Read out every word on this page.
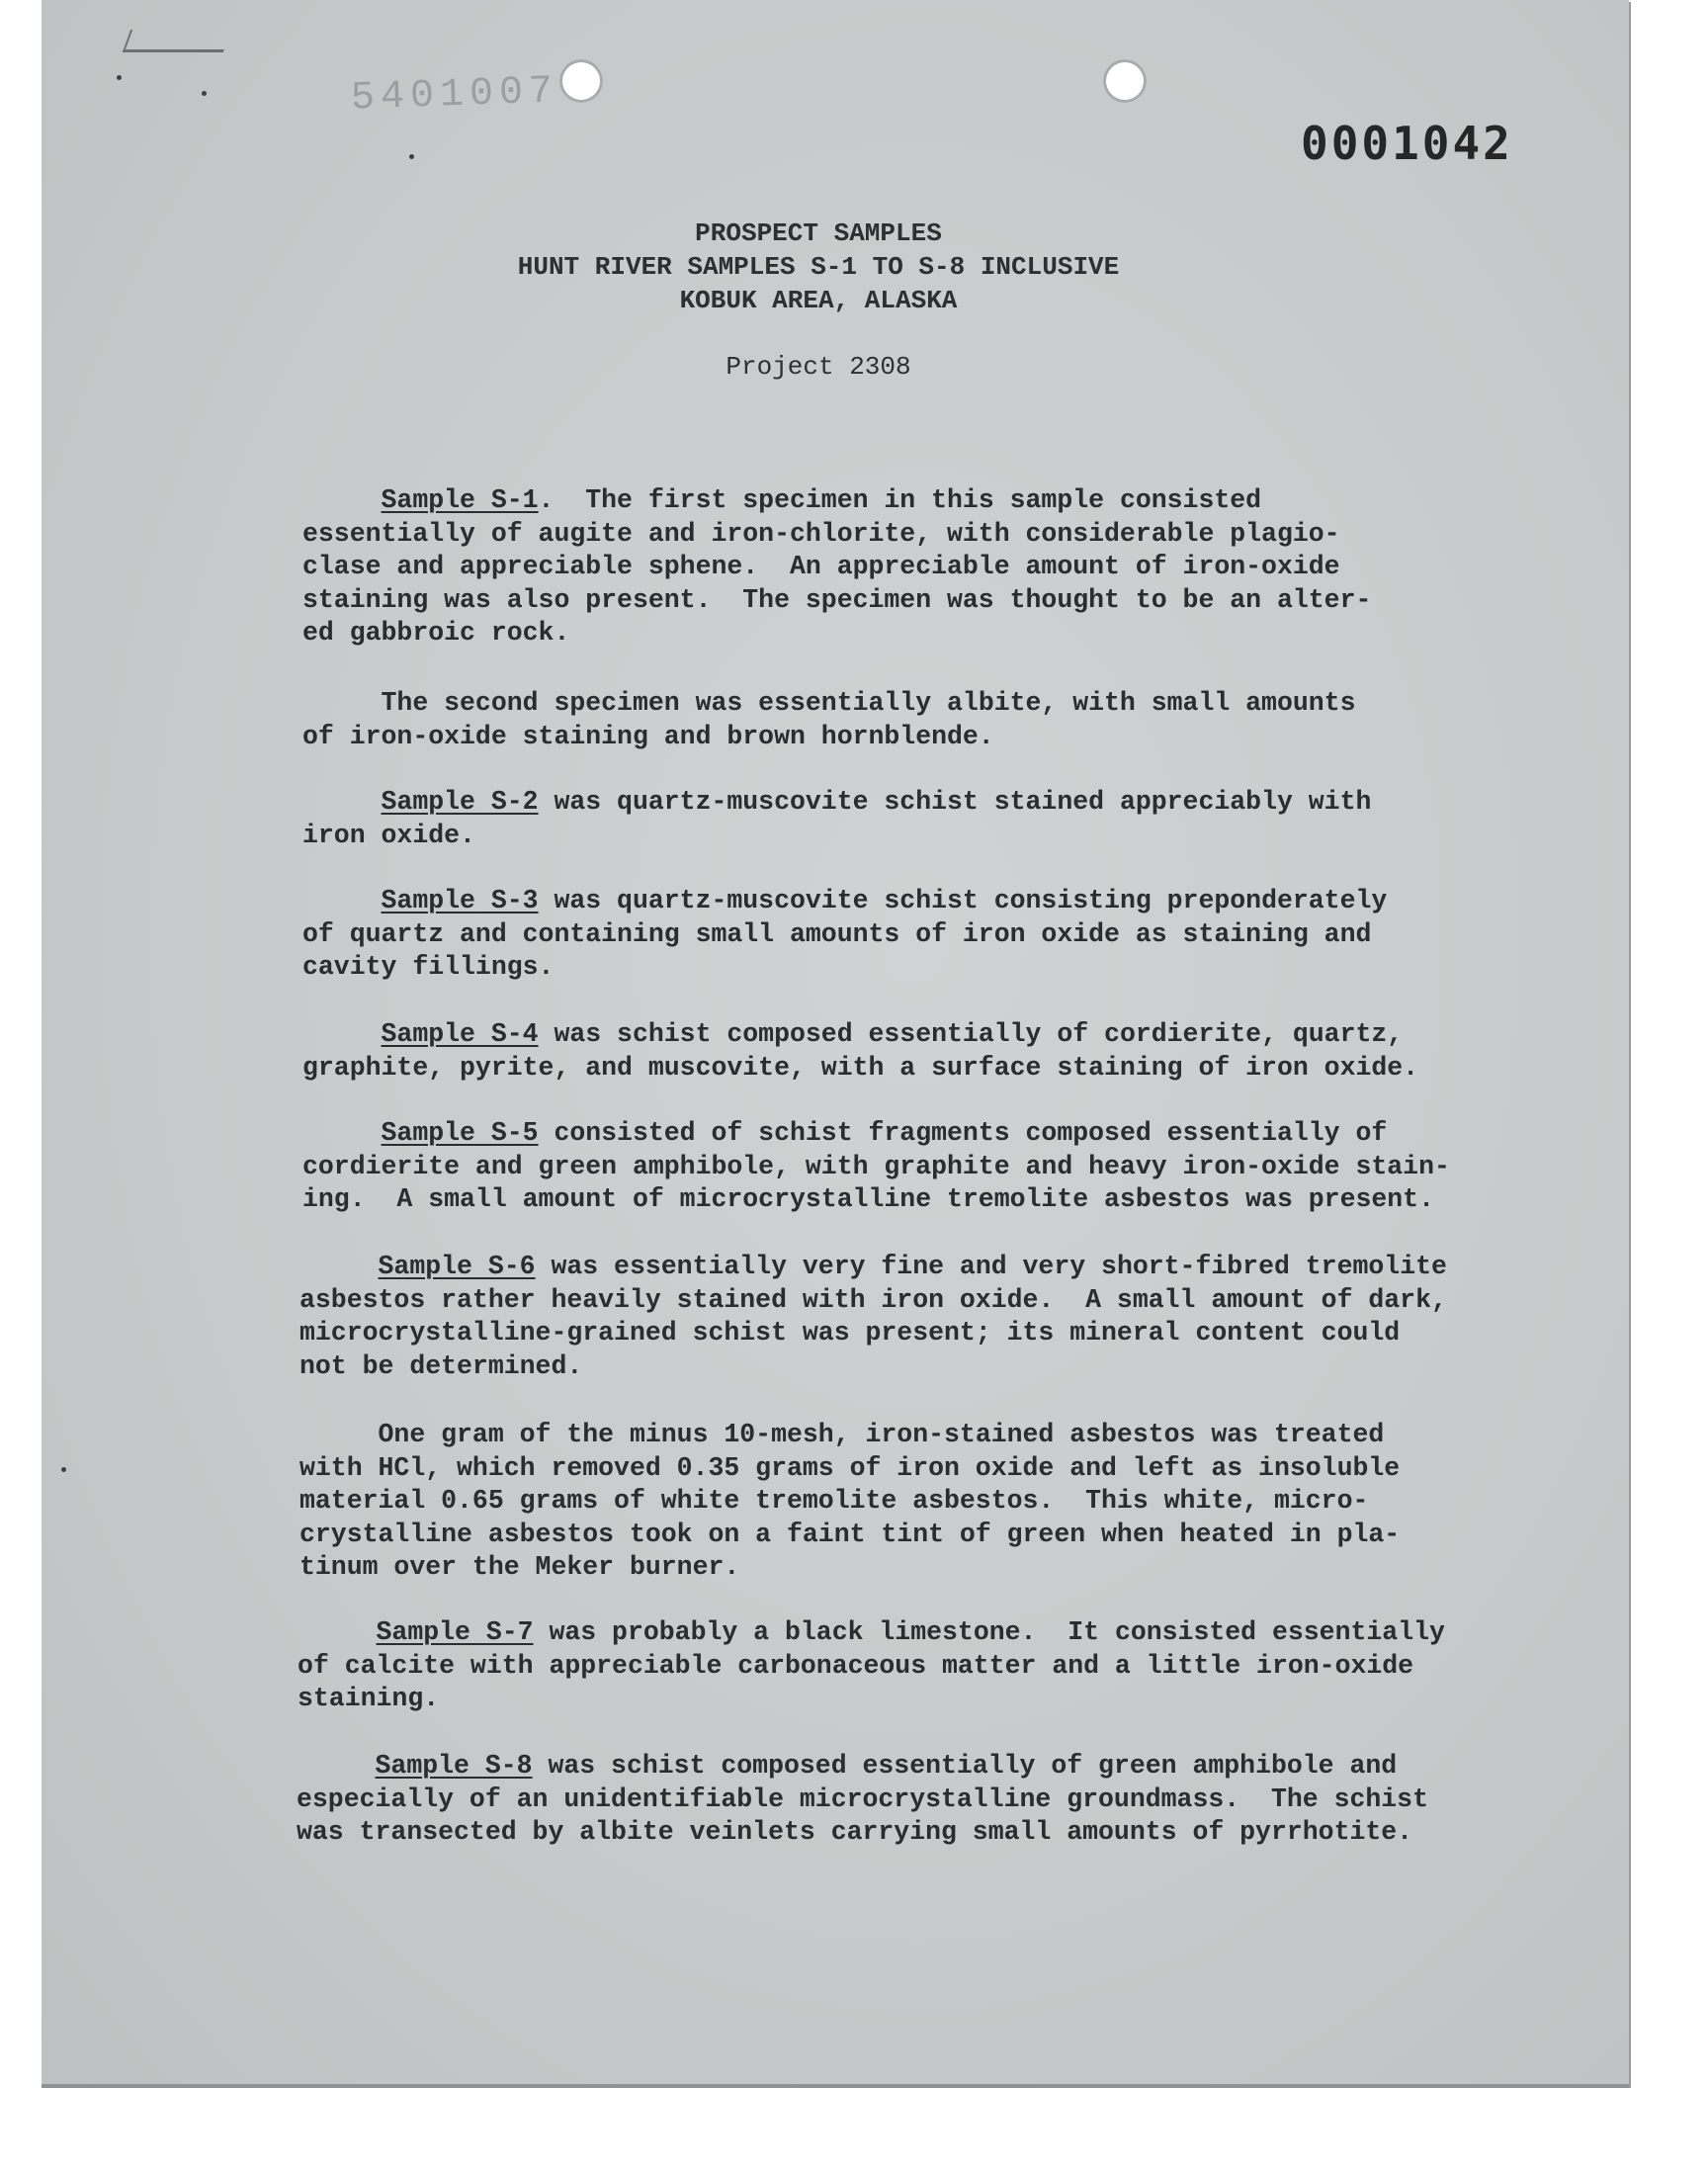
5401007
0001042
PROSPECT SAMPLES
HUNT RIVER SAMPLES S-1 TO S-8 INCLUSIVE
KOBUK AREA, ALASKA
Project 2308
Sample S-1.  The first specimen in this sample consisted
essentially of augite and iron-chlorite, with considerable plagio-
clase and appreciable sphene.  An appreciable amount of iron-oxide
staining was also present.  The specimen was thought to be an alter-
ed gabbroic rock.
The second specimen was essentially albite, with small amounts
of iron-oxide staining and brown hornblende.
Sample S-2 was quartz-muscovite schist stained appreciably with
iron oxide.
Sample S-3 was quartz-muscovite schist consisting preponderately
of quartz and containing small amounts of iron oxide as staining and
cavity fillings.
Sample S-4 was schist composed essentially of cordierite, quartz,
graphite, pyrite, and muscovite, with a surface staining of iron oxide.
Sample S-5 consisted of schist fragments composed essentially of
cordierite and green amphibole, with graphite and heavy iron-oxide stain-
ing.  A small amount of microcrystalline tremolite asbestos was present.
Sample S-6 was essentially very fine and very short-fibred tremolite
asbestos rather heavily stained with iron oxide.  A small amount of dark,
microcrystalline-grained schist was present; its mineral content could
not be determined.
One gram of the minus 10-mesh, iron-stained asbestos was treated
with HCl, which removed 0.35 grams of iron oxide and left as insoluble
material 0.65 grams of white tremolite asbestos.  This white, micro-
crystalline asbestos took on a faint tint of green when heated in pla-
tinum over the Meker burner.
Sample S-7 was probably a black limestone.  It consisted essentially
of calcite with appreciable carbonaceous matter and a little iron-oxide
staining.
Sample S-8 was schist composed essentially of green amphibole and
especially of an unidentifiable microcrystalline groundmass.  The schist
was transected by albite veinlets carrying small amounts of pyrrhotite.
